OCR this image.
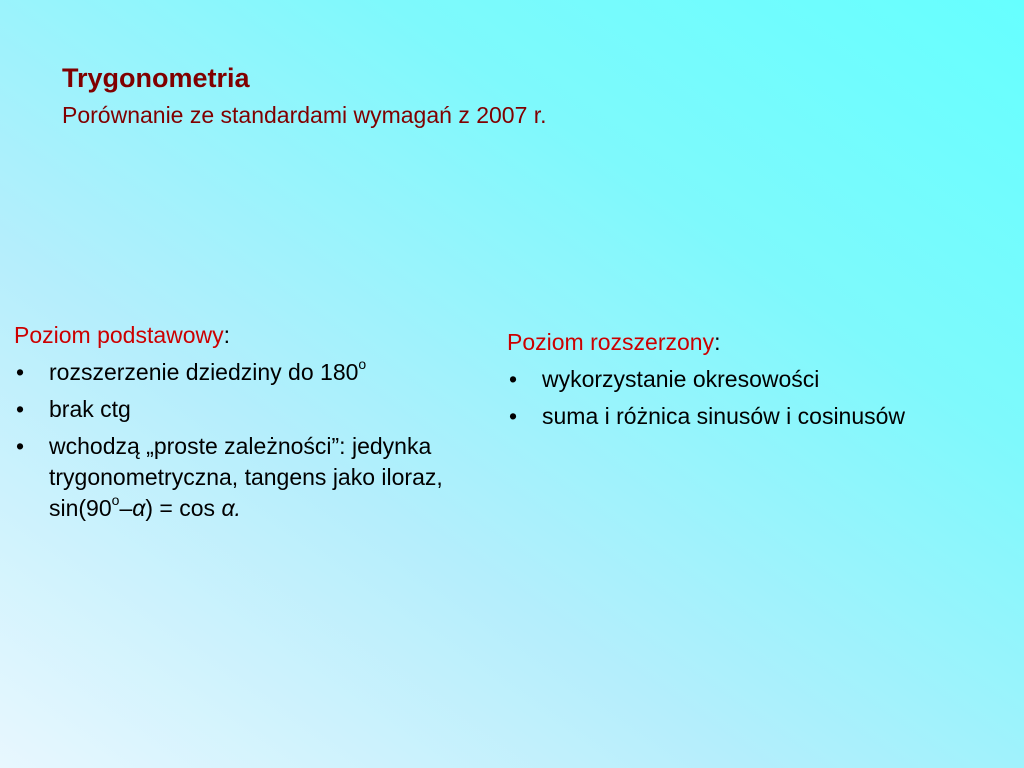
Trygonometria
Porównanie ze standardami wymagań z 2007 r.
Poziom podstawowy:
• rozszerzenie dziedziny do 180$^o$
• brak ctg
• wchodzą „proste zależności”: jedynka trygonometryczna, tangens jako iloraz, $\sin(90^o-\alpha) = \cos \alpha$.
Poziom rozszerzony:
• wykorzystanie okresowości
• suma i różnica sinusów i cosinusów
